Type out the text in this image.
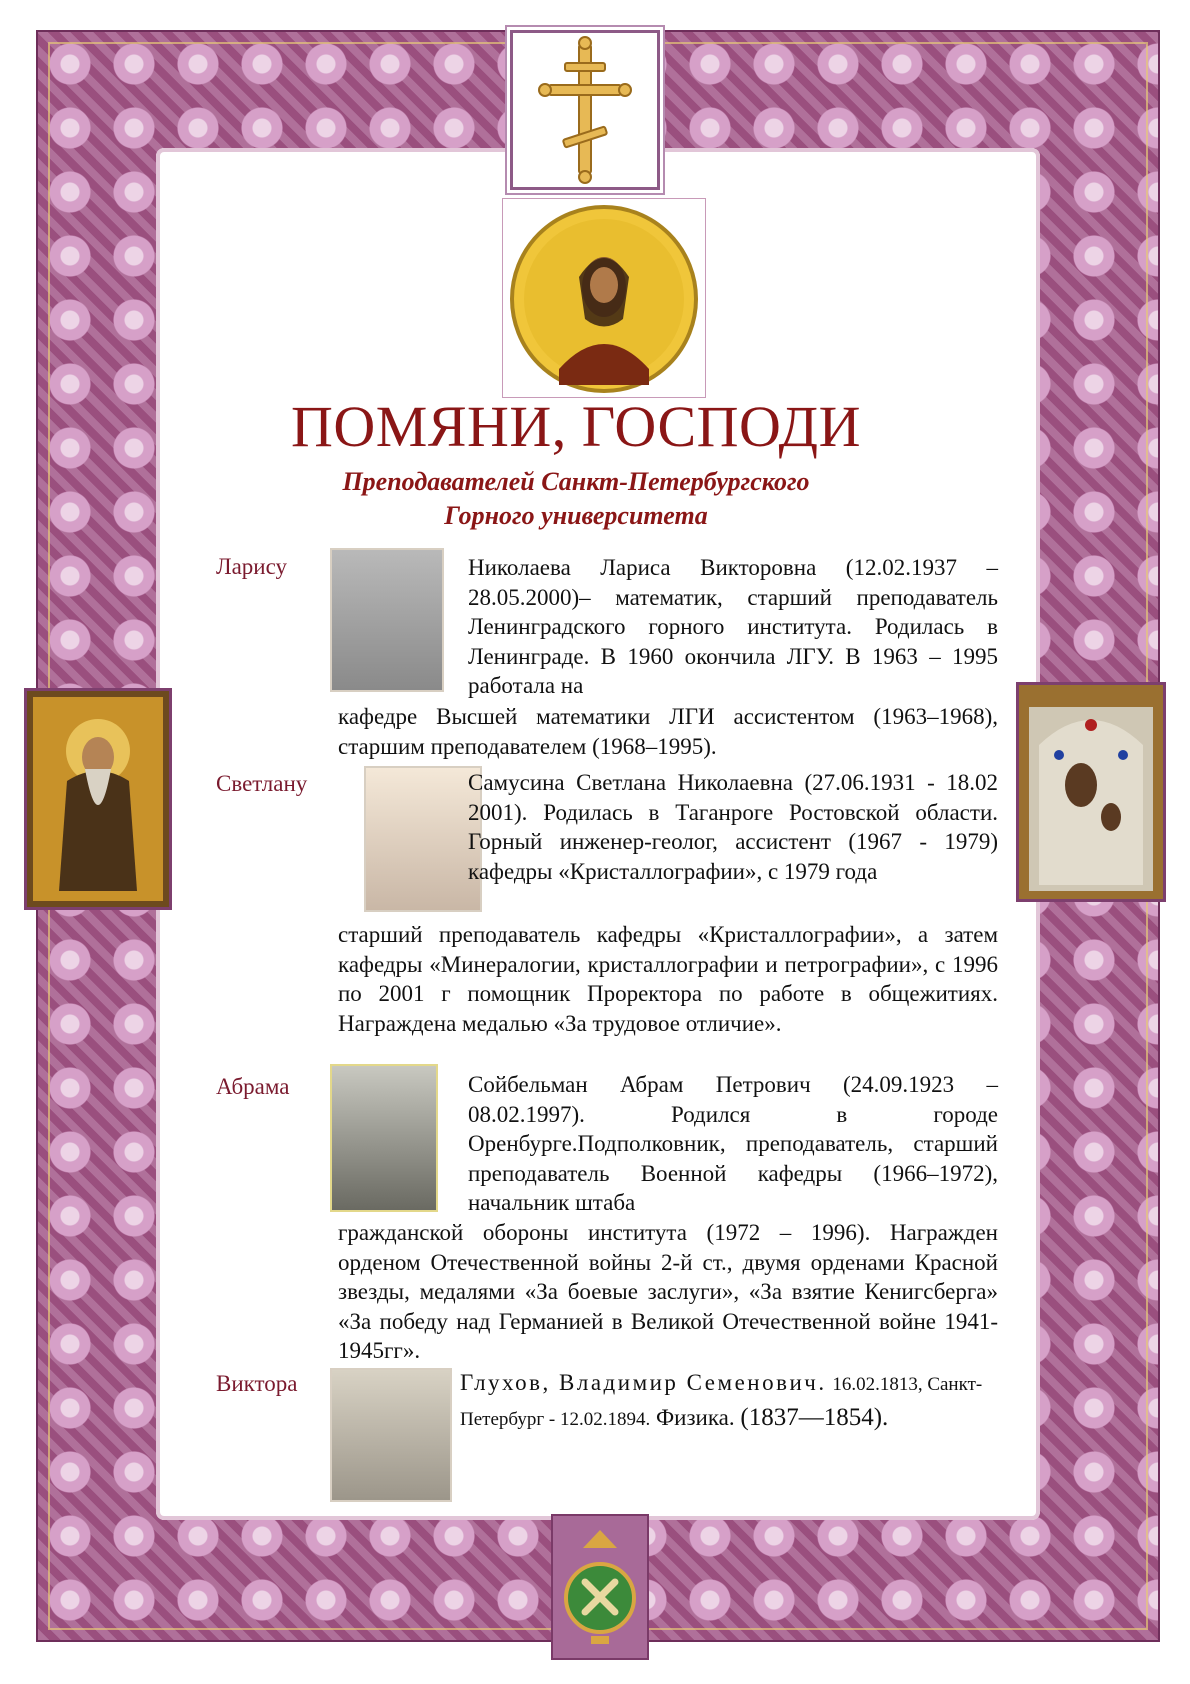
ПОМЯНИ, ГОСПОДИ
Преподавателей Санкт-Петербургского
Горного университета
Ларису	Николаева Лариса Викторовна (12.02.1937 – 28.05.2000)– математик, старший преподаватель Ленинградского горного института. Родилась в Ленинграде. В 1960 окончила ЛГУ. В 1963 – 1995 работала на
кафедре Высшей математики ЛГИ ассистентом (1963–1968), старшим преподавателем (1968–1995).
Светлану	Самусина Светлана Николаевна (27.06.1931 - 18.02 2001). Родилась в Таганроге Ростовской области. Горный инженер-геолог, ассистент (1967 - 1979) кафедры «Кристаллографии», с 1979 года
старший преподаватель кафедры «Кристаллографии», а затем кафедры «Минералогии, кристаллографии и петрографии», с 1996 по 2001 г помощник Проректора по работе в общежитиях. Награждена медалью «За трудовое отличие».
Абрама	Сойбельман Абрам Петрович (24.09.1923 – 08.02.1997). Родился в городе Оренбурге.Подполковник, преподаватель, старший преподаватель Военной кафедры (1966–1972), начальник штаба
гражданской обороны института (1972 – 1996). Награжден орденом Отечественной войны 2-й ст., двумя орденами Красной звезды, медалями «За боевые заслуги», «За взятие Кенигсберга» «За победу над Германией в Великой Отечественной войне 1941-1945гг».
Виктора	Глухов, Владимир Семенович. 16.02.1813, Санкт-Петербург - 12.02.1894. Физика. (1837—1854).
